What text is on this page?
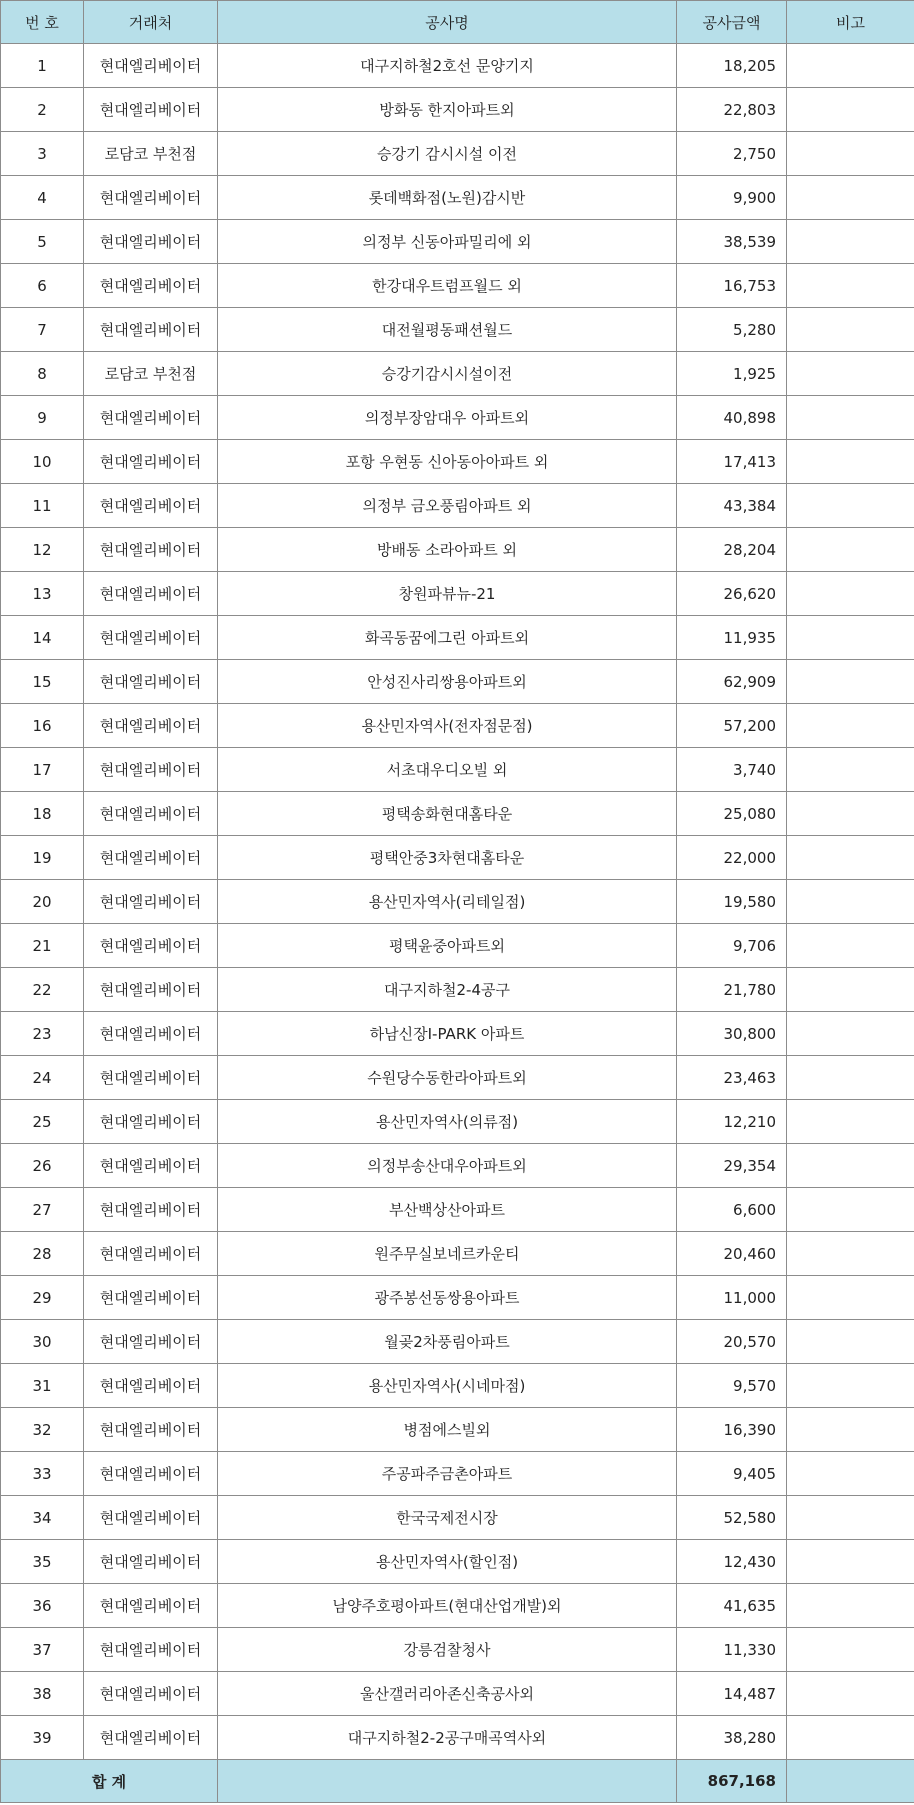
번 호	거래처	공사명	공사금액	비고
1	현대엘리베이터	대구지하철2호선 문양기지	18,205	
2	현대엘리베이터	방화동 한지아파트외	22,803	
3	로담코 부천점	승강기 감시시설 이전	2,750	
4	현대엘리베이터	롯데백화점(노원)감시반	9,900	
5	현대엘리베이터	의정부 신동아파밀리에 외	38,539	
6	현대엘리베이터	한강대우트럼프월드 외	16,753	
7	현대엘리베이터	대전월평동패션월드	5,280	
8	로담코 부천점	승강기감시시설이전	1,925	
9	현대엘리베이터	의정부장암대우 아파트외	40,898	
10	현대엘리베이터	포항 우현동 신아동아아파트 외	17,413	
11	현대엘리베이터	의정부 금오풍림아파트 외	43,384	
12	현대엘리베이터	방배동 소라아파트 외	28,204	
13	현대엘리베이터	창원파뷰뉴-21	26,620	
14	현대엘리베이터	화곡동꿈에그린 아파트외	11,935	
15	현대엘리베이터	안성진사리쌍용아파트외	62,909	
16	현대엘리베이터	용산민자역사(전자점문점)	57,200	
17	현대엘리베이터	서초대우디오빌 외	3,740	
18	현대엘리베이터	평택송화현대홈타운	25,080	
19	현대엘리베이터	평택안중3차현대홈타운	22,000	
20	현대엘리베이터	용산민자역사(리테일점)	19,580	
21	현대엘리베이터	평택윤중아파트외	9,706	
22	현대엘리베이터	대구지하철2-4공구	21,780	
23	현대엘리베이터	하남신장I-PARK 아파트	30,800	
24	현대엘리베이터	수원당수동한라아파트외	23,463	
25	현대엘리베이터	용산민자역사(의류점)	12,210	
26	현대엘리베이터	의정부송산대우아파트외	29,354	
27	현대엘리베이터	부산백상산아파트	6,600	
28	현대엘리베이터	원주무실보네르카운티	20,460	
29	현대엘리베이터	광주봉선동쌍용아파트	11,000	
30	현대엘리베이터	월곶2차풍림아파트	20,570	
31	현대엘리베이터	용산민자역사(시네마점)	9,570	
32	현대엘리베이터	병점에스빌외	16,390	
33	현대엘리베이터	주공파주금촌아파트	9,405	
34	현대엘리베이터	한국국제전시장	52,580	
35	현대엘리베이터	용산민자역사(할인점)	12,430	
36	현대엘리베이터	남양주호평아파트(현대산업개발)외	41,635	
37	현대엘리베이터	강릉검찰청사	11,330	
38	현대엘리베이터	울산갤러리아존신축공사외	14,487	
39	현대엘리베이터	대구지하철2-2공구매곡역사외	38,280	
합 계			867,168	
